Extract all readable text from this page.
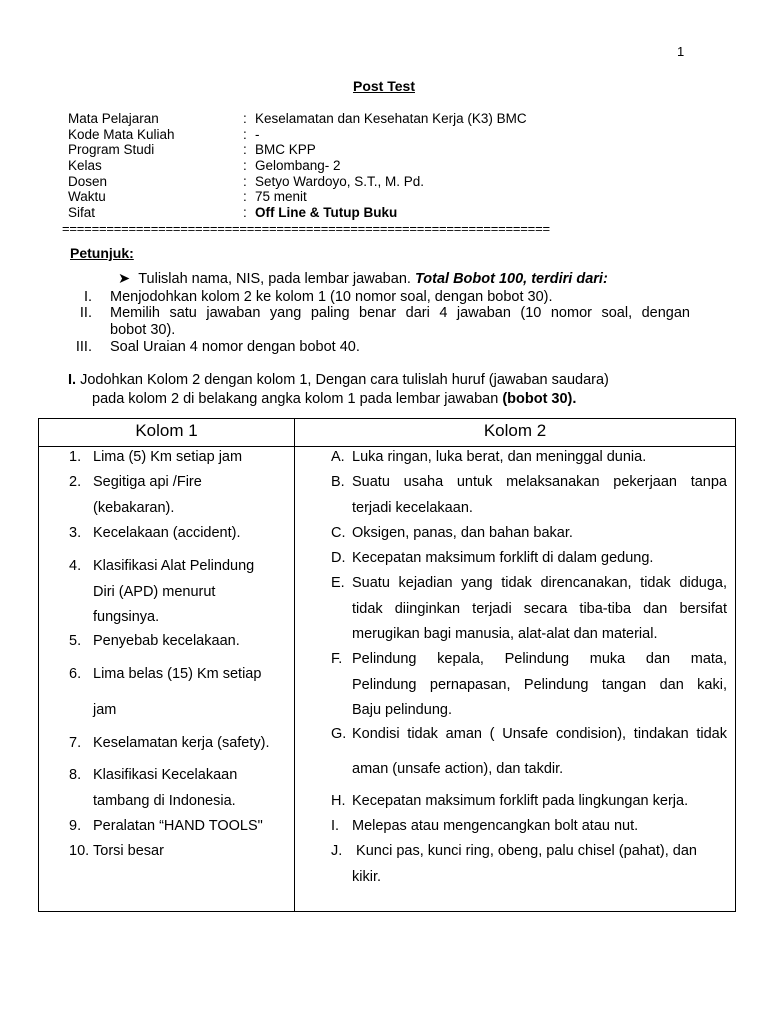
1
Post Test
Mata Pelajaran	: Keselamatan dan Kesehatan Kerja (K3) BMC
Kode Mata Kuliah	: -
Program Studi	: BMC KPP
Kelas	: Gelombang- 2
Dosen	: Setyo Wardoyo, S.T., M. Pd.
Waktu	: 75 menit
Sifat	: Off Line & Tutup Buku
==================================================================
Petunjuk:
➤ Tulislah nama, NIS, pada lembar jawaban. Total Bobot 100, terdiri dari:
I. Menjodohkan kolom 2 ke kolom 1 (10 nomor soal, dengan bobot 30).
II. Memilih satu jawaban yang paling benar dari 4 jawaban (10 nomor soal, dengan
bobot 30).
III. Soal Uraian 4 nomor dengan bobot 40.
I. Jodohkan Kolom 2 dengan kolom 1, Dengan cara tulislah huruf (jawaban saudara)
pada kolom 2 di belakang angka kolom 1 pada lembar jawaban (bobot 30).
Kolom 1	Kolom 2
1. Lima (5) Km setiap jam
2. Segitiga api /Fire
(kebakaran).
3. Kecelakaan (accident).
4. Klasifikasi Alat Pelindung
Diri (APD) menurut
fungsinya.
5. Penyebab kecelakaan.
6. Lima belas (15) Km setiap
jam
7. Keselamatan kerja (safety).
8. Klasifikasi Kecelakaan
tambang di Indonesia.
9. Peralatan “HAND TOOLS"
10. Torsi besar
A. Luka ringan, luka berat, dan meninggal dunia.
B. Suatu usaha untuk melaksanakan pekerjaan tanpa
terjadi kecelakaan.
C. Oksigen, panas, dan bahan bakar.
D. Kecepatan maksimum forklift di dalam gedung.
E. Suatu kejadian yang tidak direncanakan, tidak diduga,
tidak diinginkan terjadi secara tiba-tiba dan bersifat
merugikan bagi manusia, alat-alat dan material.
F. Pelindung kepala, Pelindung muka dan mata,
Pelindung pernapasan, Pelindung tangan dan kaki,
Baju pelindung.
G. Kondisi tidak aman ( Unsafe condision), tindakan tidak
aman (unsafe action), dan takdir.
H. Kecepatan maksimum forklift pada lingkungan kerja.
I. Melepas atau mengencangkan bolt atau nut.
J. Kunci pas, kunci ring, obeng, palu chisel (pahat), dan
kikir.
